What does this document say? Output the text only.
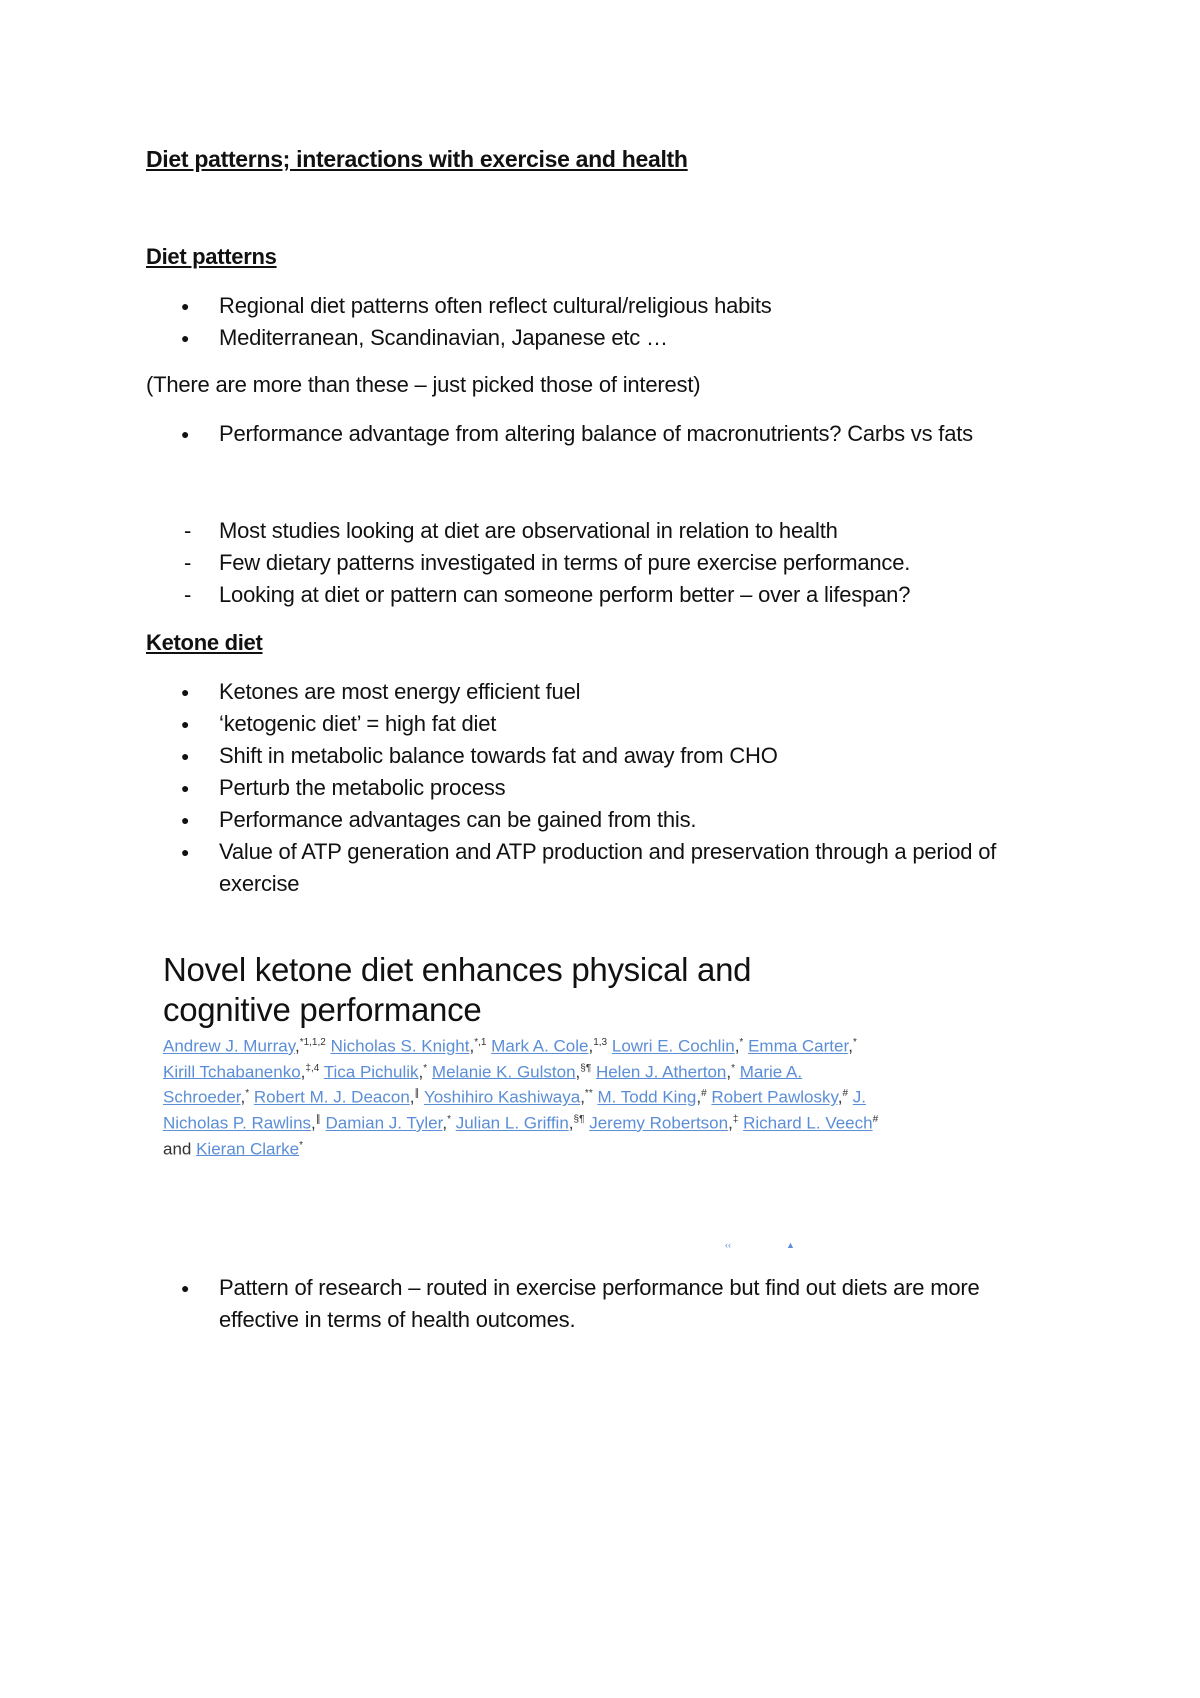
Diet patterns; interactions with exercise and health
Diet patterns
● Regional diet patterns often reflect cultural/religious habits
● Mediterranean, Scandinavian, Japanese etc …
(There are more than these – just picked those of interest)
● Performance advantage from altering balance of macronutrients? Carbs vs fats
- Most studies looking at diet are observational in relation to health
- Few dietary patterns investigated in terms of pure exercise performance.
- Looking at diet or pattern can someone perform better – over a lifespan?
Ketone diet
● Ketones are most energy efficient fuel
● ‘ketogenic diet’ = high fat diet
● Shift in metabolic balance towards fat and away from CHO
● Perturb the metabolic process
● Performance advantages can be gained from this.
● Value of ATP generation and ATP production and preservation through a period of exercise
Novel ketone diet enhances physical and cognitive performance
Andrew J. Murray,$^{*1,1,2}$ Nicholas S. Knight,$^{*,1}$ Mark A. Cole,$^{1,3}$ Lowri E. Cochlin,* Emma Carter,* Kirill Tchabanenko,$^{\ddagger,4}$ Tica Pichulik,* Melanie K. Gulston,§¶ Helen J. Atherton,* Marie A. Schroeder,* Robert M. J. Deacon,∥ Yoshihiro Kashiwaya,** M. Todd King,# Robert Pawlosky,# J. Nicholas P. Rawlins,∥ Damian J. Tyler,* Julian L. Griffin,§¶ Jeremy Robertson,‡ Richard L. Veech# and Kieran Clarke*
‹‹	▲
● Pattern of research – routed in exercise performance but find out diets are more effective in terms of health outcomes.
